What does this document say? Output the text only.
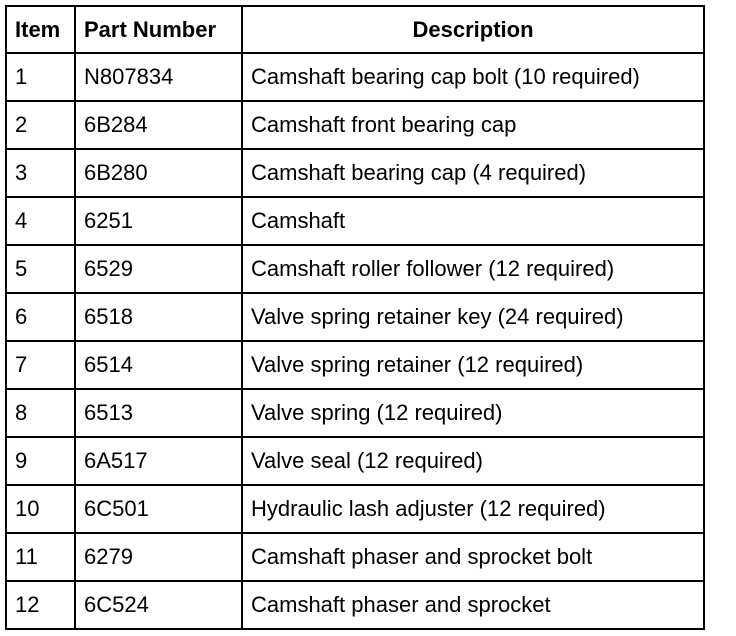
Item	Part Number	Description
1	N807834	Camshaft bearing cap bolt (10 required)
2	6B284	Camshaft front bearing cap
3	6B280	Camshaft bearing cap (4 required)
4	6251	Camshaft
5	6529	Camshaft roller follower (12 required)
6	6518	Valve spring retainer key (24 required)
7	6514	Valve spring retainer (12 required)
8	6513	Valve spring (12 required)
9	6A517	Valve seal (12 required)
10	6C501	Hydraulic lash adjuster (12 required)
11	6279	Camshaft phaser and sprocket bolt
12	6C524	Camshaft phaser and sprocket
